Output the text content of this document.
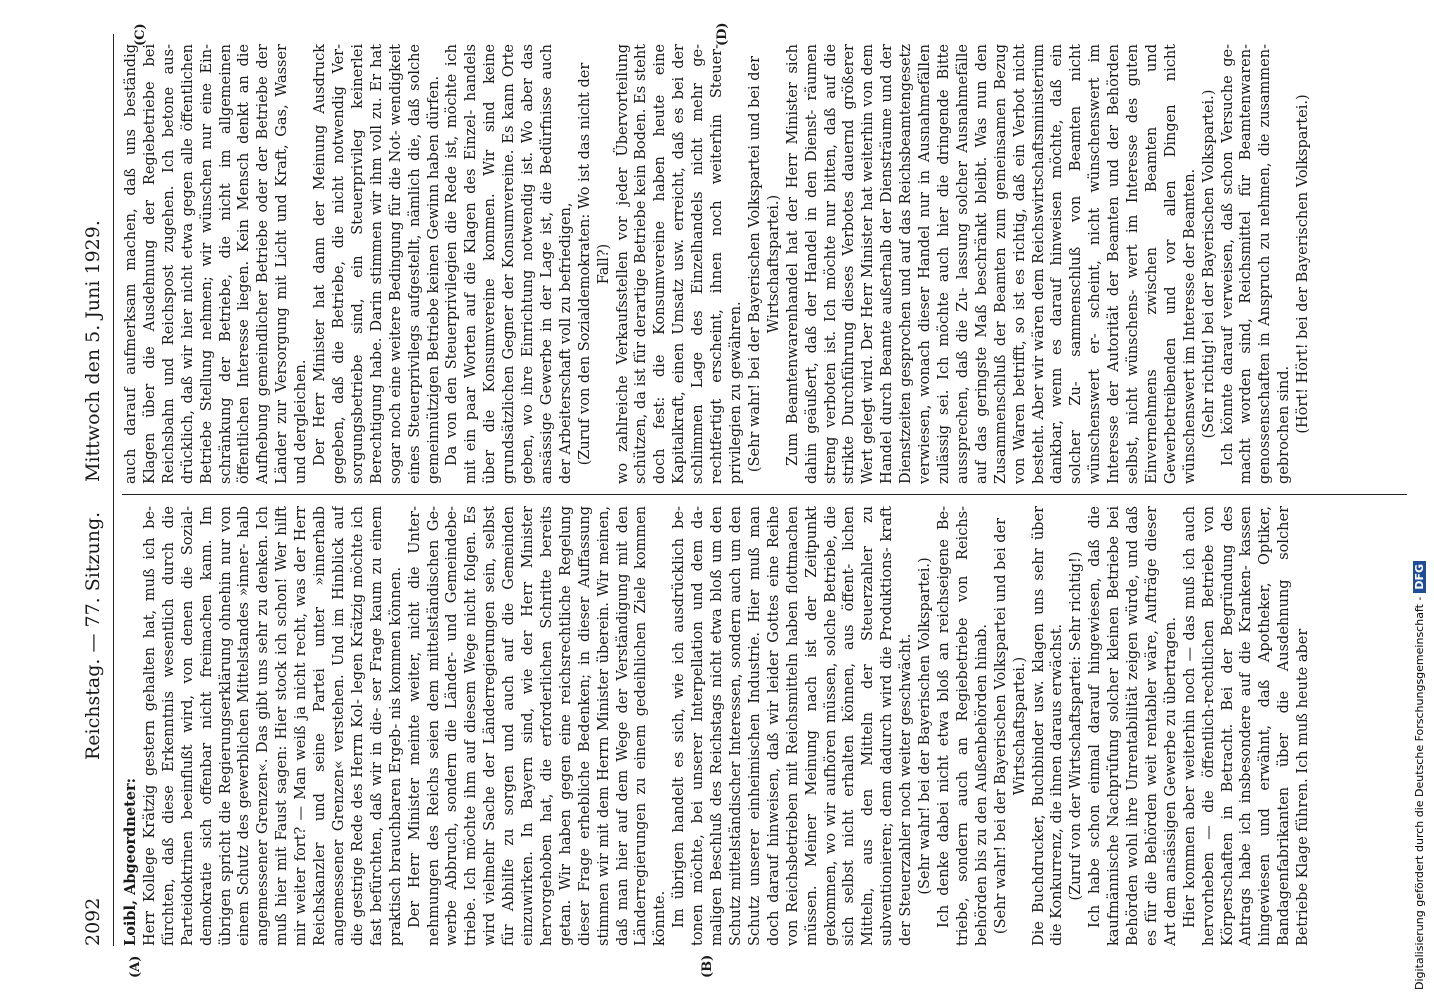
2092
Reichstag. — 77. Sitzung.
Mittwoch den 5. Juni 1929.
(A)	(B)
(C)	(D)

Loibl, Abgeordneter: Herr Kollege Krätzig gestern gehalten hat, muß ich be- fürchten, daß diese Erkenntnis wesentlich durch die Parteidoktrinen beeinflußt wird, von denen die Sozial- demokratie sich offenbar nicht freimachen kann. Im übrigen spricht die Regierungserklärung ohnehin nur von einem Schutz des gewerblichen Mittelstandes »inner- halb angemessener Grenzen«. Das gibt uns sehr zu denken. Ich muß hier mit Faust sagen: Hier stock ich schon! Wer hilft mir weiter fort? — Man weiß ja nicht recht, was der Herr Reichskanzler und seine Partei unter »innerhalb angemessener Grenzen« verstehen. Und im Hinblick auf die gestrige Rede des Herrn Kol- legen Krätzig möchte ich fast befürchten, daß wir in die- ser Frage kaum zu einem praktisch brauchbaren Ergeb- nis kommen können. Der Herr Minister meinte weiter, nicht die Unter- nehmungen des Reichs seien dem mittelständischen Ge- werbe Abbruch, sondern die Länder- und Gemeindebe- triebe. Ich möchte ihm auf diesem Wege nicht folgen. Es wird vielmehr Sache der Länderregierungen sein, selbst für Abhilfe zu sorgen und auch auf die Gemeinden einzuwirken. In Bayern sind, wie der Herr Minister hervorgehoben hat, die erforderlichen Schritte bereits getan. Wir haben gegen eine reichsrechtliche Regelung dieser Frage erhebliche Bedenken; in dieser Auffassung stimmen wir mit dem Herrn Minister überein. Wir meinen, daß man hier auf dem Wege der Verständigung mit den Länderregierungen zu einem gedeihlichen Ziele kommen könnte. Im übrigen handelt es sich, wie ich ausdrücklich be- tonen möchte, bei unserer Interpellation und dem da- maligen Beschluß des Reichstags nicht etwa bloß um den Schutz mittelständischer Interessen, sondern auch um den Schutz unserer einheimischen Industrie. Hier muß man doch darauf hinweisen, daß wir leider Gottes eine Reihe von Reichsbetrieben mit Reichsmitteln haben flottmachen müssen. Meiner Meinung nach ist der Zeitpunkt gekommen, wo wir aufhören müssen, solche Betriebe, die sich selbst nicht erhalten können, aus öffent- lichen Mitteln, aus den Mitteln der Steuerzahler zu subventionieren; denn dadurch wird die Produktions- kraft der Steuerzahler noch weiter geschwächt. (Sehr wahr! bei der Bayerischen Volkspartei.) Ich denke dabei nicht etwa bloß an reichseigene Be- triebe, sondern auch an Regiebetriebe von Reichs- behörden bis zu den Außenbehörden hinab. (Sehr wahr! bei der Bayerischen Volkspartei und bei der Wirtschaftspartei.) Die Buchdrucker, Buchbinder usw. klagen uns sehr über die Konkurrenz, die ihnen daraus erwächst. (Zuruf von der Wirtschaftspartei: Sehr richtig!) Ich habe schon einmal darauf hingewiesen, daß die kaufmännische Nachprüfung solcher kleinen Betriebe bei Behörden wohl ihre Unrentabilität zeigen würde, und daß es für die Behörden weit rentabler wäre, Aufträge dieser Art dem ansässigen Gewerbe zu übertragen. Hier kommen aber weiterhin noch — das muß ich auch hervorheben — die öffentlich-rechtlichen Betriebe von Körperschaften in Betracht. Bei der Begründung des Antrags habe ich insbesondere auf die Kranken- kassen hingewiesen und erwähnt, daß Apotheker, Optiker, Bandagenfabrikanten über die Ausdehnung solcher Betriebe Klage führen. Ich muß heute aber

auch darauf aufmerksam machen, daß uns beständig Klagen über die Ausdehnung der Regiebetriebe bei Reichsbahn und Reichspost zugehen. Ich betone aus- drücklich, daß wir hier nicht etwa gegen alle öffentlichen Betriebe Stellung nehmen; wir wünschen nur eine Ein- schränkung der Betriebe, die nicht im allgemeinen öffentlichen Interesse liegen. Kein Mensch denkt an die Aufhebung gemeindlicher Betriebe oder der Betriebe der Länder zur Versorgung mit Licht und Kraft, Gas, Wasser und dergleichen. Der Herr Minister hat dann der Meinung Ausdruck gegeben, daß die Betriebe, die nicht notwendig Ver- sorgungsbetriebe sind, ein Steuerprivileg keinerlei Berechtigung habe. Darin stimmen wir ihm voll zu. Er hat sogar noch eine weitere Bedingung für die Not- wendigkeit eines Steuerprivilegs aufgestellt, nämlich die, daß solche gemeinnützigen Betriebe keinen Gewinn haben dürfen. Da von den Steuerprivilegien die Rede ist, möchte ich mit ein paar Worten auf die Klagen des Einzel- handels über die Konsumvereine kommen. Wir sind keine grundsätzlichen Gegner der Konsumvereine. Es kann Orte geben, wo ihre Einrichtung notwendig ist. Wo aber das ansässige Gewerbe in der Lage ist, die Bedürfnisse auch der Arbeiterschaft voll zu befriedigen, (Zuruf von den Sozialdemokraten: Wo ist das nicht der Fall?) wo zahlreiche Verkaufsstellen vor jeder Übervorteilung schützen, da ist für derartige Betriebe kein Boden. Es steht doch fest: die Konsumvereine haben heute eine Kapitalkraft, einen Umsatz usw. erreicht, daß es bei der schlimmen Lage des Einzelhandels nicht mehr ge- rechtfertigt erscheint, ihnen noch weiterhin Steuer- privilegien zu gewähren. (Sehr wahr! bei der Bayerischen Volkspartei und bei der Wirtschaftspartei.) Zum Beamtenwarenhandel hat der Herr Minister sich dahin geäußert, daß der Handel in den Dienst- räumen streng verboten ist. Ich möchte nur bitten, daß auf die strikte Durchführung dieses Verbotes dauernd größerer Wert gelegt wird. Der Herr Minister hat weiterhin von dem Handel durch Beamte außerhalb der Diensträume und der Dienstzeiten gesprochen und auf das Reichsbeamtengesetz verwiesen, wonach dieser Handel nur in Ausnahmefällen zulässig sei. Ich möchte auch hier die dringende Bitte aussprechen, daß die Zu- lassung solcher Ausnahmefälle auf das geringste Maß beschränkt bleibt. Was nun den Zusammenschluß der Beamten zum gemeinsamen Bezug von Waren betrifft, so ist es richtig, daß ein Verbot nicht besteht. Aber wir wären dem Reichswirtschaftsministerium dankbar, wenn es darauf hinweisen möchte, daß ein solcher Zu- sammenschluß von Beamten nicht wünschenswert er- scheint, nicht wünschenswert im Interesse der Autorität der Beamten und der Behörden selbst, nicht wünschens- wert im Interesse des guten Einvernehmens zwischen Beamten und Gewerbetreibenden und vor allen Dingen nicht wünschenswert im Interesse der Beamten. (Sehr richtig! bei der Bayerischen Volkspartei.) Ich könnte darauf verweisen, daß schon Versuche ge- macht worden sind, Reichsmittel für Beamtenwaren- genossenschaften in Anspruch zu nehmen, die zusammen- gebrochen sind. (Hört! Hört! bei der Bayerischen Volkspartei.)

Digitalisierung gefördert durch die Deutsche Forschungsgemeinschaft -DFG
